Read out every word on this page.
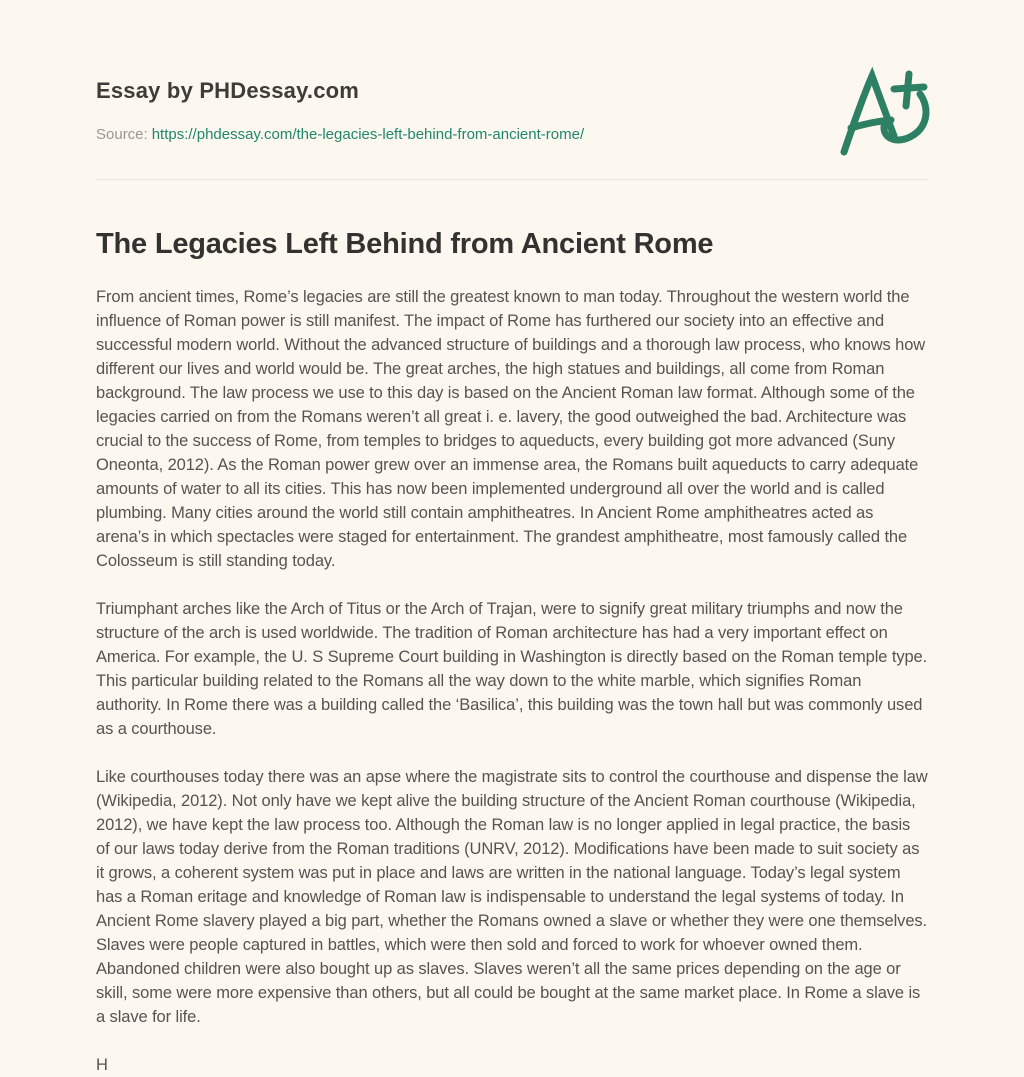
Essay by PHDessay.com
Source: https://phdessay.com/the-legacies-left-behind-from-ancient-rome/
The Legacies Left Behind from Ancient Rome

From ancient times, Rome’s legacies are still the greatest known to man today. Throughout the western world the influence of Roman power is still manifest. The impact of Rome has furthered our society into an effective and successful modern world. Without the advanced structure of buildings and a thorough law process, who knows how different our lives and world would be. The great arches, the high statues and buildings, all come from Roman background. The law process we use to this day is based on the Ancient Roman law format. Although some of the legacies carried on from the Romans weren’t all great i. e. lavery, the good outweighed the bad. Architecture was crucial to the success of Rome, from temples to bridges to aqueducts, every building got more advanced (Suny Oneonta, 2012). As the Roman power grew over an immense area, the Romans built aqueducts to carry adequate amounts of water to all its cities. This has now been implemented underground all over the world and is called plumbing. Many cities around the world still contain amphitheatres. In Ancient Rome amphitheatres acted as arena’s in which spectacles were staged for entertainment. The grandest amphitheatre, most famously called the Colosseum is still standing today.

Triumphant arches like the Arch of Titus or the Arch of Trajan, were to signify great military triumphs and now the structure of the arch is used worldwide. The tradition of Roman architecture has had a very important effect on America. For example, the U. S Supreme Court building in Washington is directly based on the Roman temple type. This particular building related to the Romans all the way down to the white marble, which signifies Roman authority. In Rome there was a building called the ‘Basilica’, this building was the town hall but was commonly used as a courthouse.

Like courthouses today there was an apse where the magistrate sits to control the courthouse and dispense the law (Wikipedia, 2012). Not only have we kept alive the building structure of the Ancient Roman courthouse (Wikipedia, 2012), we have kept the law process too. Although the Roman law is no longer applied in legal practice, the basis of our laws today derive from the Roman traditions (UNRV, 2012). Modifications have been made to suit society as it grows, a coherent system was put in place and laws are written in the national language. Today’s legal system has a Roman eritage and knowledge of Roman law is indispensable to understand the legal systems of today. In Ancient Rome slavery played a big part, whether the Romans owned a slave or whether they were one themselves. Slaves were people captured in battles, which were then sold and forced to work for whoever owned them. Abandoned children were also bought up as slaves. Slaves weren’t all the same prices depending on the age or skill, some were more expensive than others, but all could be bought at the same market place. In Rome a slave is a slave for life.

H
